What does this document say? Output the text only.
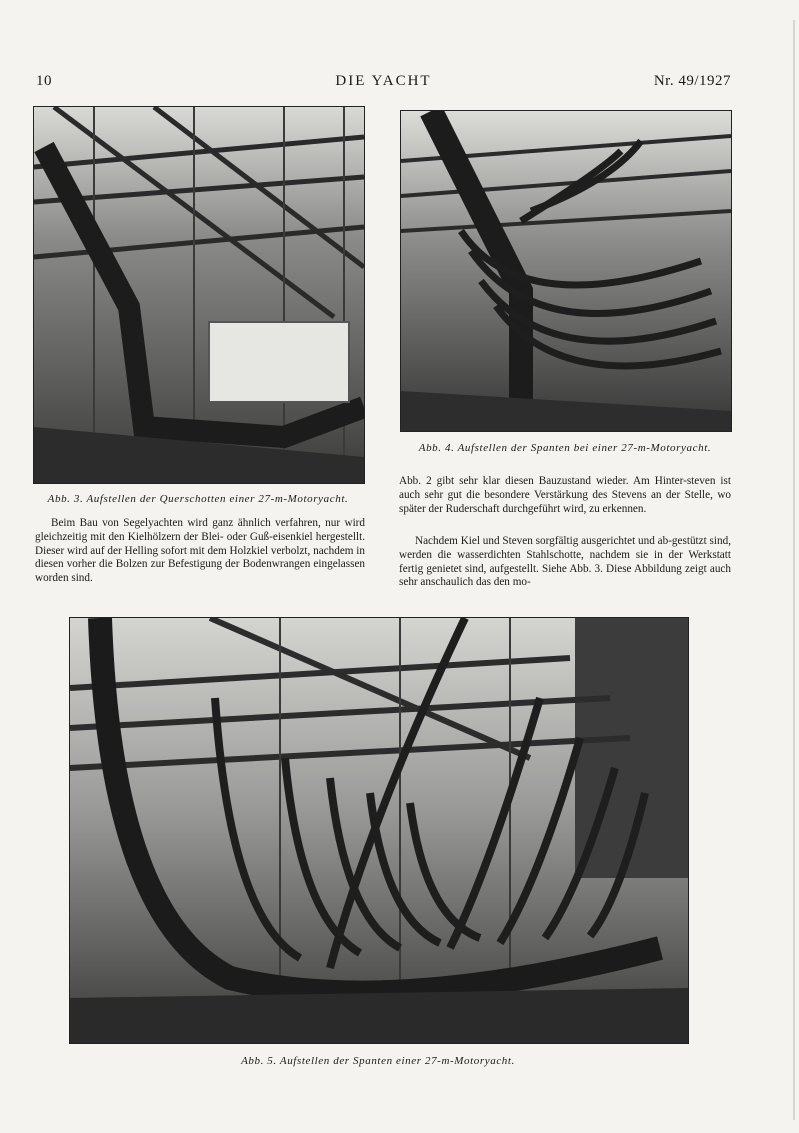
10	DIE YACHT	Nr. 49/1927
Abb. 3. Aufstellen der Querschotten einer 27-m-Motoryacht.
Abb. 4. Aufstellen der Spanten bei einer 27-m-Motoryacht.

Beim Bau von Segelyachten wird ganz ähnlich verfahren, nur wird gleichzeitig mit den Kielhölzern der Blei- oder Guß-eisenkiel hergestellt. Dieser wird auf der Helling sofort mit dem Holzkiel verbolzt, nachdem in diesen vorher die Bolzen zur Befestigung der Bodenwrangen eingelassen worden sind.

Abb. 2 gibt sehr klar diesen Bauzustand wieder. Am Hinter-steven ist auch sehr gut die besondere Verstärkung des Stevens an der Stelle, wo später der Ruderschaft durchgeführt wird, zu erkennen.

Nachdem Kiel und Steven sorgfältig ausgerichtet und ab-gestützt sind, werden die wasserdichten Stahlschotte, nachdem sie in der Werkstatt fertig genietet sind, aufgestellt. Siehe Abb. 3. Diese Abbildung zeigt auch sehr anschaulich das den mo-

Abb. 5. Aufstellen der Spanten einer 27-m-Motoryacht.
